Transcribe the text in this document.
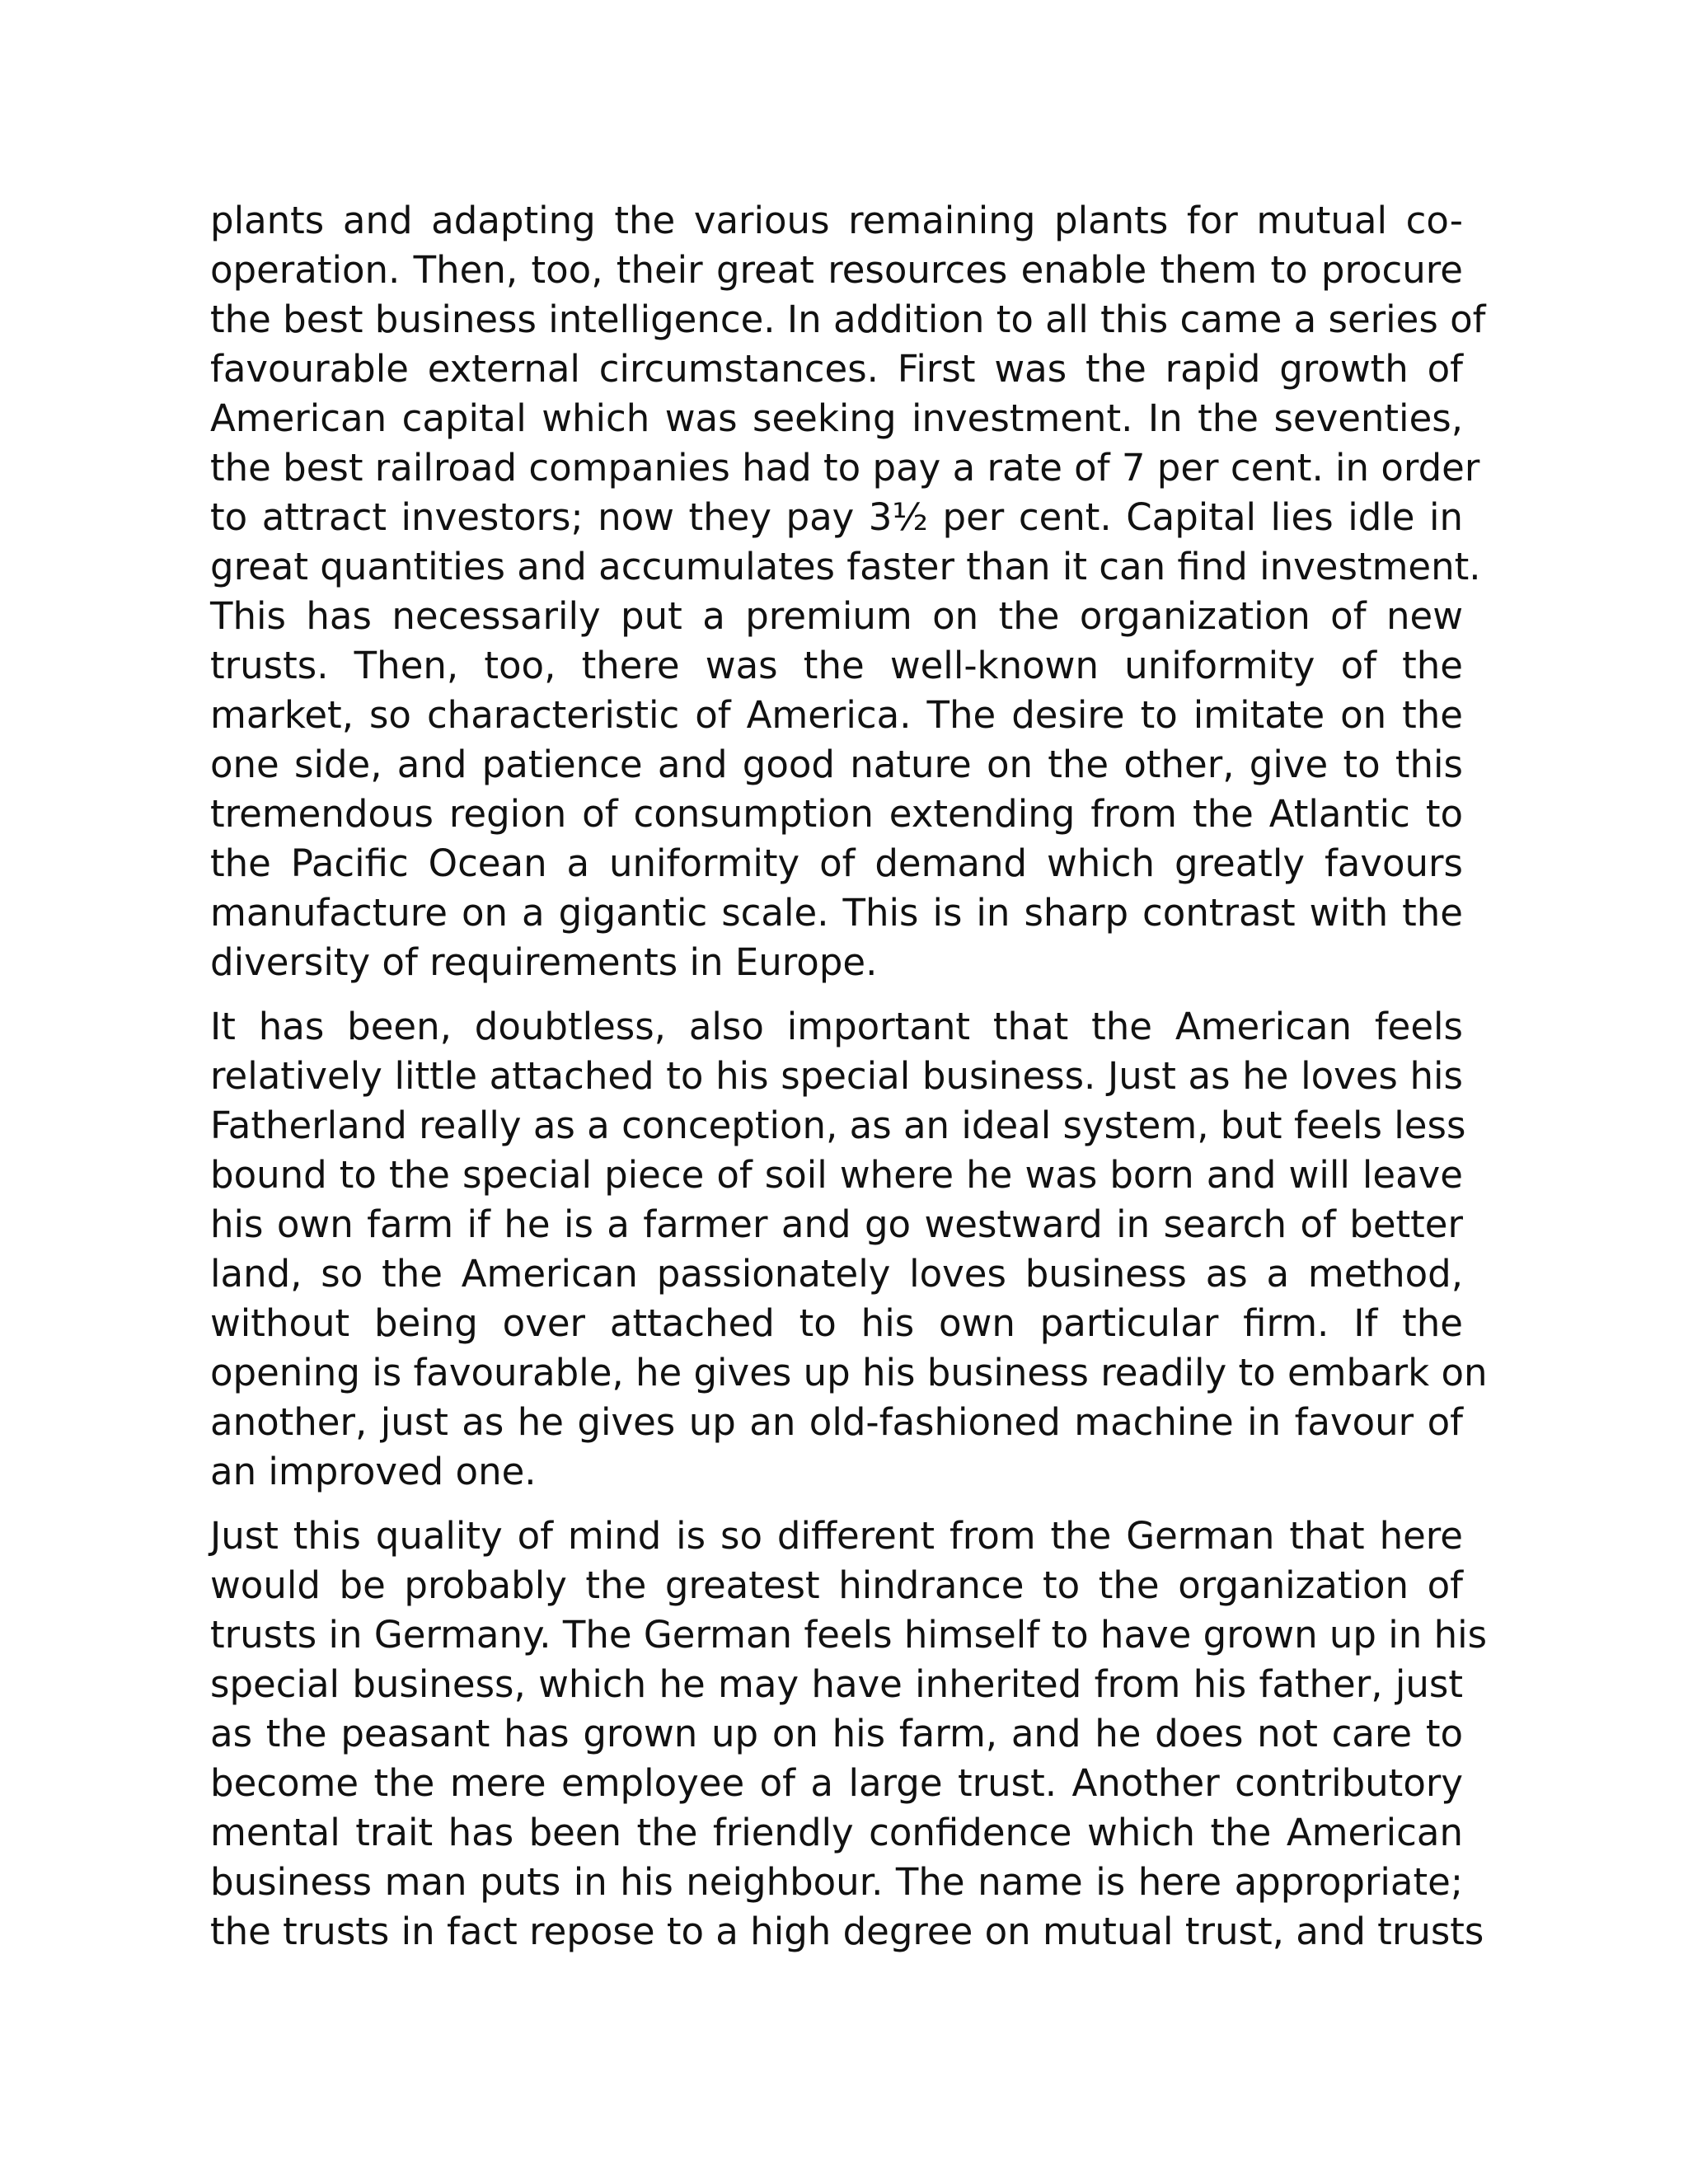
plants and adapting the various remaining plants for mutual co-
operation. Then, too, their great resources enable them to procure
the best business intelligence. In addition to all this came a series of
favourable external circumstances. First was the rapid growth of
American capital which was seeking investment. In the seventies,
the best railroad companies had to pay a rate of 7 per cent. in order
to attract investors; now they pay 3½ per cent. Capital lies idle in
great quantities and accumulates faster than it can find investment.
This has necessarily put a premium on the organization of new
trusts. Then, too, there was the well-known uniformity of the
market, so characteristic of America. The desire to imitate on the
one side, and patience and good nature on the other, give to this
tremendous region of consumption extending from the Atlantic to
the Pacific Ocean a uniformity of demand which greatly favours
manufacture on a gigantic scale. This is in sharp contrast with the
diversity of requirements in Europe.
It has been, doubtless, also important that the American feels
relatively little attached to his special business. Just as he loves his
Fatherland really as a conception, as an ideal system, but feels less
bound to the special piece of soil where he was born and will leave
his own farm if he is a farmer and go westward in search of better
land, so the American passionately loves business as a method,
without being over attached to his own particular firm. If the
opening is favourable, he gives up his business readily to embark on
another, just as he gives up an old-fashioned machine in favour of
an improved one.
Just this quality of mind is so different from the German that here
would be probably the greatest hindrance to the organization of
trusts in Germany. The German feels himself to have grown up in his
special business, which he may have inherited from his father, just
as the peasant has grown up on his farm, and he does not care to
become the mere employee of a large trust. Another contributory
mental trait has been the friendly confidence which the American
business man puts in his neighbour. The name is here appropriate;
the trusts in fact repose to a high degree on mutual trust, and trusts
